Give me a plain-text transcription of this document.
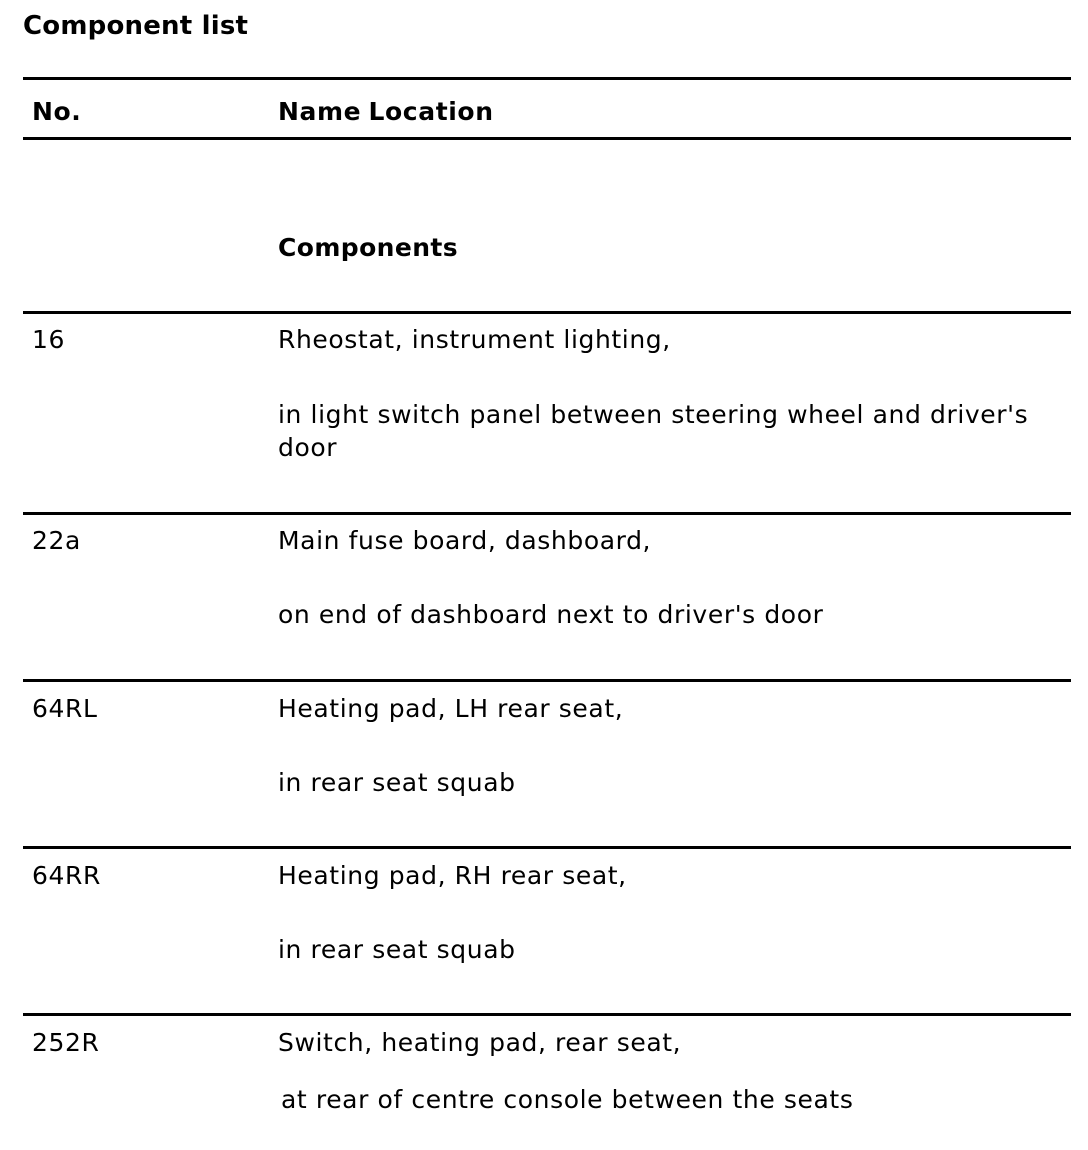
Component list
No.	Name Location
Components
16	Rheostat, instrument lighting,
in light switch panel between steering wheel and driver's door
22a	Main fuse board, dashboard,
on end of dashboard next to driver's door
64RL	Heating pad, LH rear seat,
in rear seat squab
64RR	Heating pad, RH rear seat,
in rear seat squab
252R	Switch, heating pad, rear seat,
at rear of centre console between the seats
